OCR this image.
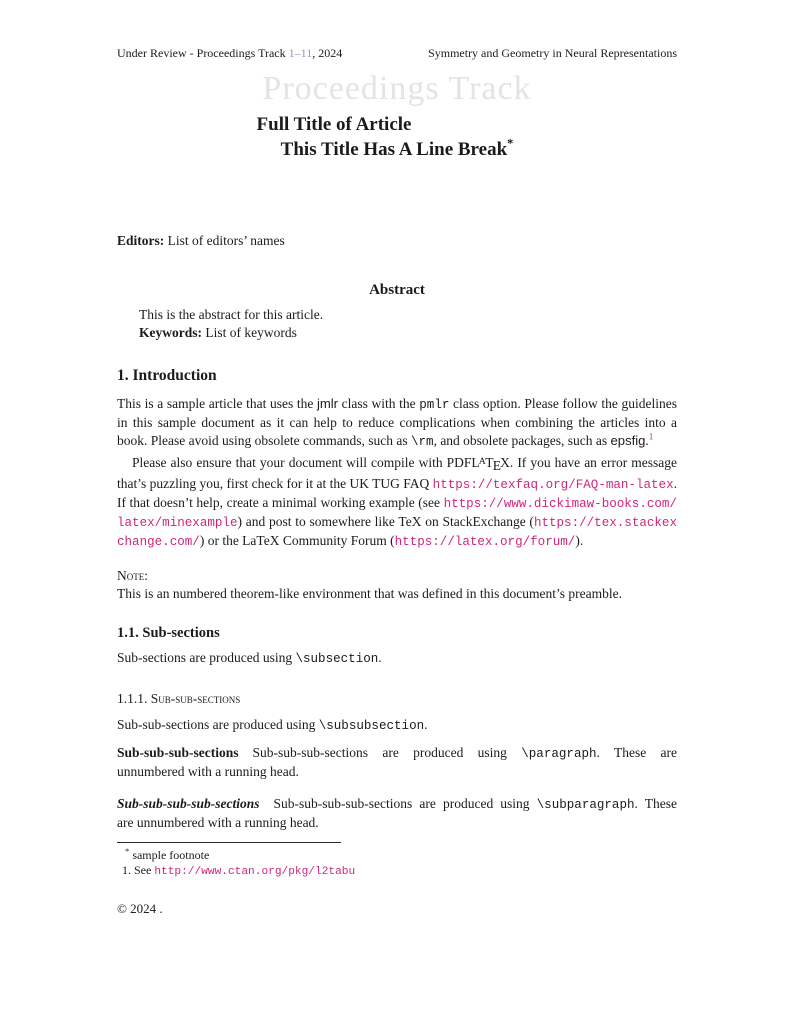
Under Review - Proceedings Track 1–11, 2024	Symmetry and Geometry in Neural Representations
Proceedings Track
Full Title of Article
This Title Has A Line Break*
Editors: List of editors’ names
Abstract
This is the abstract for this article.
Keywords: List of keywords
1. Introduction

This is a sample article that uses the jmlr class with the pmlr class option. Please follow the guidelines in this sample document as it can help to reduce complications when combining the articles into a book. Please avoid using obsolete commands, such as \rm, and obsolete packages, such as epsfig.$^1$

Please also ensure that your document will compile with $PDFL^ATEX$. If you have an error message that’s puzzling you, first check for it at the UK TUG FAQ https://texfaq.org/FAQ-man-latex. If that doesn’t help, create a minimal working example (see https://www.dickimaw-books.com/latex/minexample) and post to somewhere like TeX on StackExchange (https://tex.stackexchange.com/) or the LaTeX Community Forum (https://latex.org/forum/).

Note:
This is an numbered theorem-like environment that was defined in this document’s preamble.
1.1. Sub-sections

Sub-sections are produced using \subsection.

1.1.1. Sub-sub-sections

Sub-sub-sections are produced using \subsubsection.

Sub-sub-sub-sections Sub-sub-sub-sections are produced using \paragraph. These are unnumbered with a running head.

Sub-sub-sub-sub-sections Sub-sub-sub-sub-sections are produced using \subparagraph. These are unnumbered with a running head.

* sample footnote
1. See http://www.ctan.org/pkg/l2tabu
© 2024 .
